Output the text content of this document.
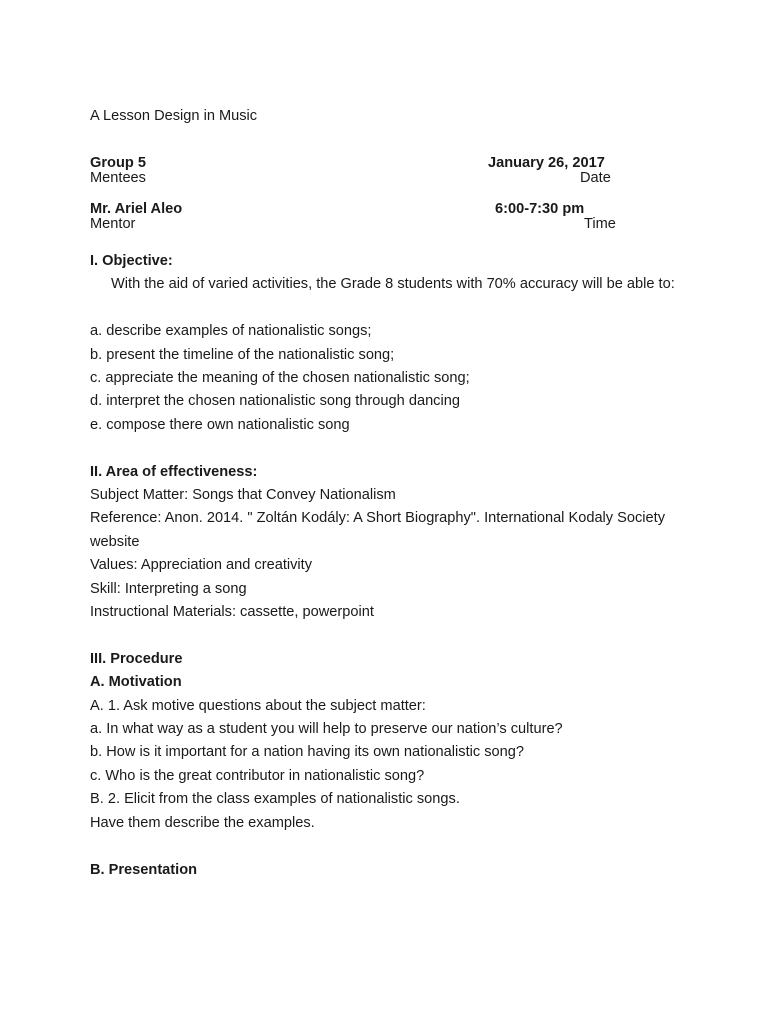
A Lesson Design in Music
Group 5
Mentees
January 26, 2017
Date
Mr. Ariel Aleo
Mentor
6:00-7:30 pm
Time

I. Objective:

With the aid of varied activities, the Grade 8 students with 70% accuracy will be able to:

a. describe examples of nationalistic songs;

b. present the timeline of the nationalistic song;

c. appreciate the meaning of the chosen nationalistic song;

d. interpret the chosen nationalistic song through dancing

e. compose there own nationalistic song

II. Area of effectiveness:

Subject Matter: Songs that Convey Nationalism

Reference: Anon. 2014. " Zoltán Kodály: A Short Biography". International Kodaly Society website

Values: Appreciation and creativity

Skill: Interpreting a song

Instructional Materials: cassette, powerpoint

III. Procedure

A. Motivation

A. 1. Ask motive questions about the subject matter:

a. In what way as a student you will help to preserve our nation’s culture?

b. How is it important for a nation having its own nationalistic song?

c. Who is the great contributor in nationalistic song?

B. 2. Elicit from the class examples of nationalistic songs.

Have them describe the examples.

B. Presentation
